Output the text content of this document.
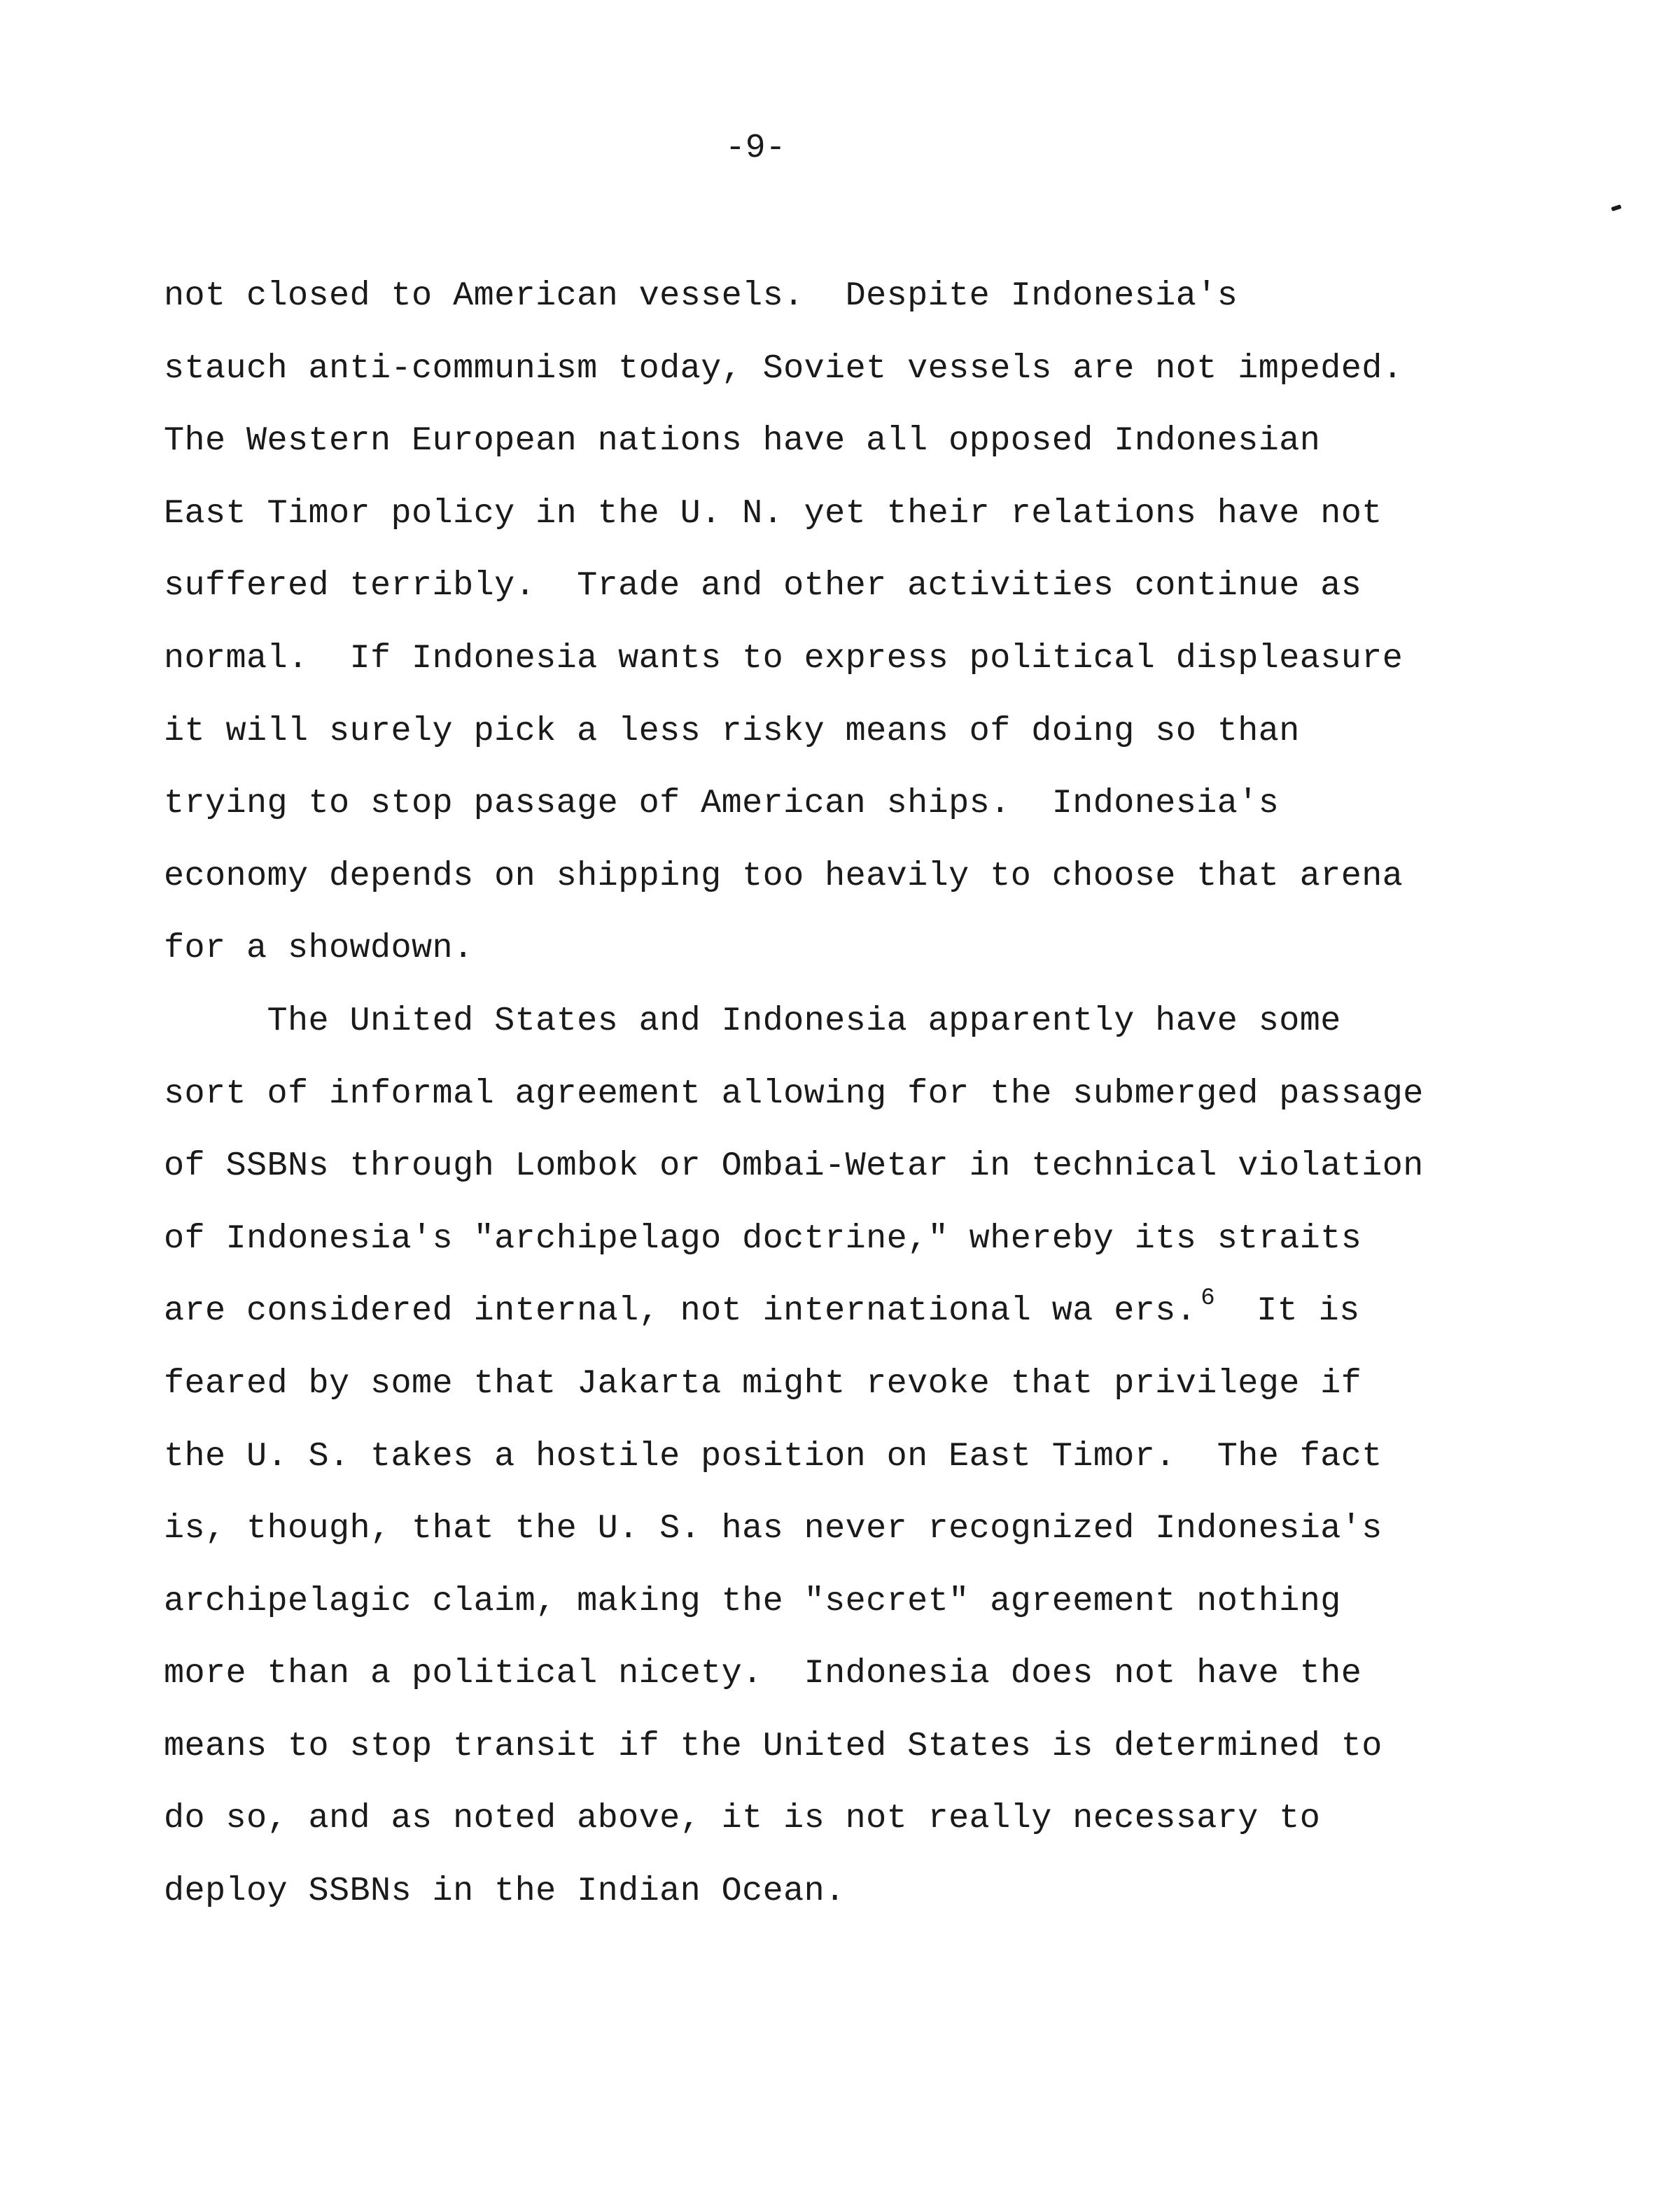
-9-
not closed to American vessels.  Despite Indonesia's
stauch anti-communism today, Soviet vessels are not impeded.
The Western European nations have all opposed Indonesian
East Timor policy in the U. N. yet their relations have not
suffered terribly.  Trade and other activities continue as
normal.  If Indonesia wants to express political displeasure
it will surely pick a less risky means of doing so than
trying to stop passage of American ships.  Indonesia's
economy depends on shipping too heavily to choose that arena
for a showdown.
The United States and Indonesia apparently have some
sort of informal agreement allowing for the submerged passage
of SSBNs through Lombok or Ombai-Wetar in technical violation
of Indonesia's "archipelago doctrine," whereby its straits
are considered internal, not international wa ers. $^6$ It is
feared by some that Jakarta might revoke that privilege if
the U. S. takes a hostile position on East Timor.  The fact
is, though, that the U. S. has never recognized Indonesia's
archipelagic claim, making the "secret" agreement nothing
more than a political nicety.  Indonesia does not have the
means to stop transit if the United States is determined to
do so, and as noted above, it is not really necessary to
deploy SSBNs in the Indian Ocean.
